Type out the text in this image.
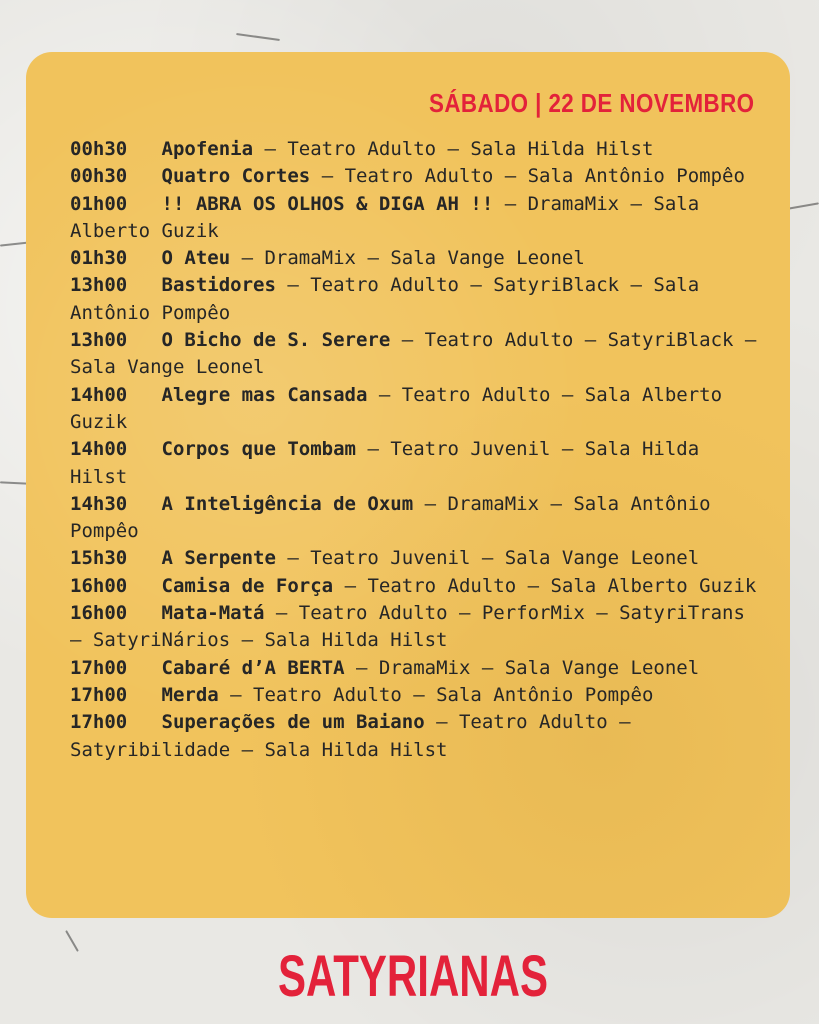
SÁBADO | 22 DE NOVEMBRO
00h30 Apofenia – Teatro Adulto – Sala Hilda Hilst
00h30 Quatro Cortes – Teatro Adulto – Sala Antônio Pompêo
01h00 !! ABRA OS OLHOS & DIGA AH !! – DramaMix – Sala Alberto Guzik
01h30 O Ateu – DramaMix – Sala Vange Leonel
13h00 Bastidores – Teatro Adulto – SatyriBlack – Sala Antônio Pompêo
13h00 O Bicho de S. Serere – Teatro Adulto – SatyriBlack – Sala Vange Leonel
14h00 Alegre mas Cansada – Teatro Adulto – Sala Alberto Guzik
14h00 Corpos que Tombam – Teatro Juvenil – Sala Hilda Hilst
14h30 A Inteligência de Oxum – DramaMix – Sala Antônio Pompêo
15h30 A Serpente – Teatro Juvenil – Sala Vange Leonel
16h00 Camisa de Força – Teatro Adulto – Sala Alberto Guzik
16h00 Mata-Matá – Teatro Adulto – PerforMix – SatyriTrans – SatyriNários – Sala Hilda Hilst
17h00 Cabaré d’A BERTA – DramaMix – Sala Vange Leonel
17h00 Merda – Teatro Adulto – Sala Antônio Pompêo
17h00 Superações de um Baiano – Teatro Adulto – Satyribilidade – Sala Hilda Hilst
SATYRIANAS
